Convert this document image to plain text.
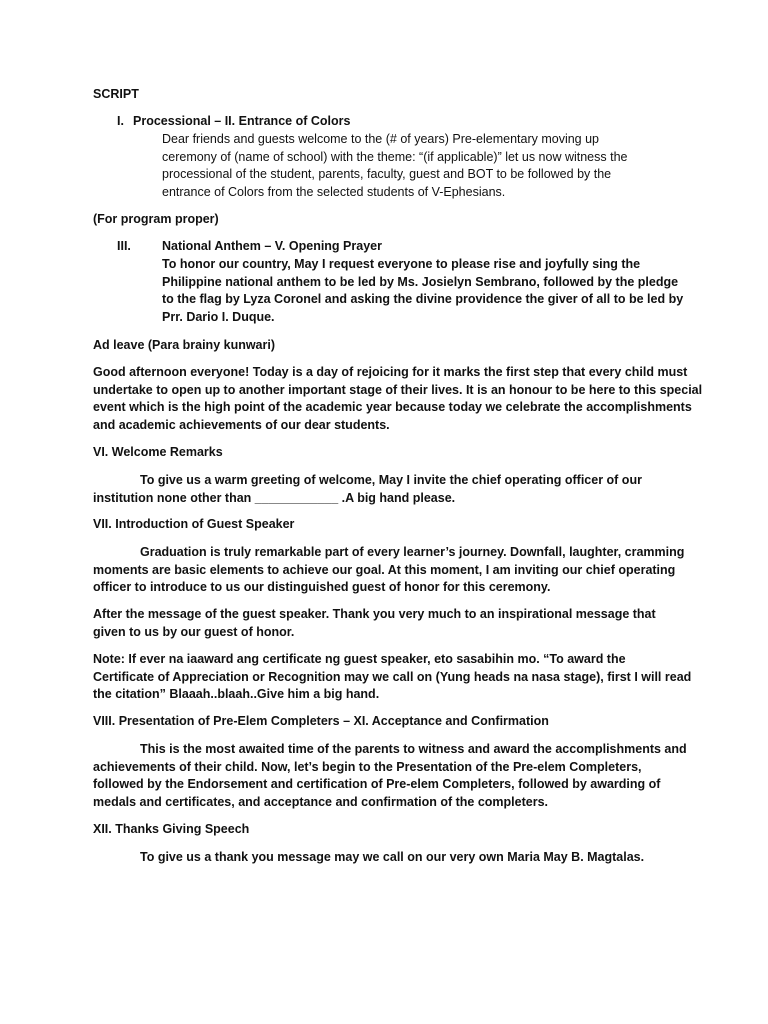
SCRIPT

I. Processional – II. Entrance of Colors

Dear friends and guests welcome to the (# of years) Pre-elementary moving up
ceremony of (name of school) with the theme: “(if applicable)” let us now witness the
processional of the student, parents, faculty, guest and BOT to be followed by the
entrance of Colors from the selected students of V-Ephesians.

(For program proper)

III. National Anthem – V. Opening Prayer

To honor our country, May I request everyone to please rise and joyfully sing the
Philippine national anthem to be led by Ms. Josielyn Sembrano, followed by the pledge
to the flag by Lyza Coronel and asking the divine providence the giver of all to be led by
Prr. Dario I. Duque.

Ad leave (Para brainy kunwari)

Good afternoon everyone! Today is a day of rejoicing for it marks the first step that every child must
undertake to open up to another important stage of their lives. It is an honour to be here to this special
event which is the high point of the academic year because today we celebrate the accomplishments
and academic achievements of our dear students.

VI. Welcome Remarks

To give us a warm greeting of welcome, May I invite the chief operating officer of our
institution none other than ____________ .A big hand please.

VII. Introduction of Guest Speaker

Graduation is truly remarkable part of every learner’s journey. Downfall, laughter, cramming
moments are basic elements to achieve our goal. At this moment, I am inviting our chief operating
officer to introduce to us our distinguished guest of honor for this ceremony.
After the message of the guest speaker. Thank you very much to an inspirational message that
given to us by our guest of honor.
Note: If ever na iaaward ang certificate ng guest speaker, eto sasabihin mo. “To award the
Certificate of Appreciation or Recognition may we call on (Yung heads na nasa stage), first I will read
the citation” Blaaah..blaah..Give him a big hand.

VIII. Presentation of Pre-Elem Completers – XI. Acceptance and Confirmation

This is the most awaited time of the parents to witness and award the accomplishments and
achievements of their child. Now, let’s begin to the Presentation of the Pre-elem Completers,
followed by the Endorsement and certification of Pre-elem Completers, followed by awarding of
medals and certificates, and acceptance and confirmation of the completers.

XII. Thanks Giving Speech

To give us a thank you message may we call on our very own Maria May B. Magtalas.
